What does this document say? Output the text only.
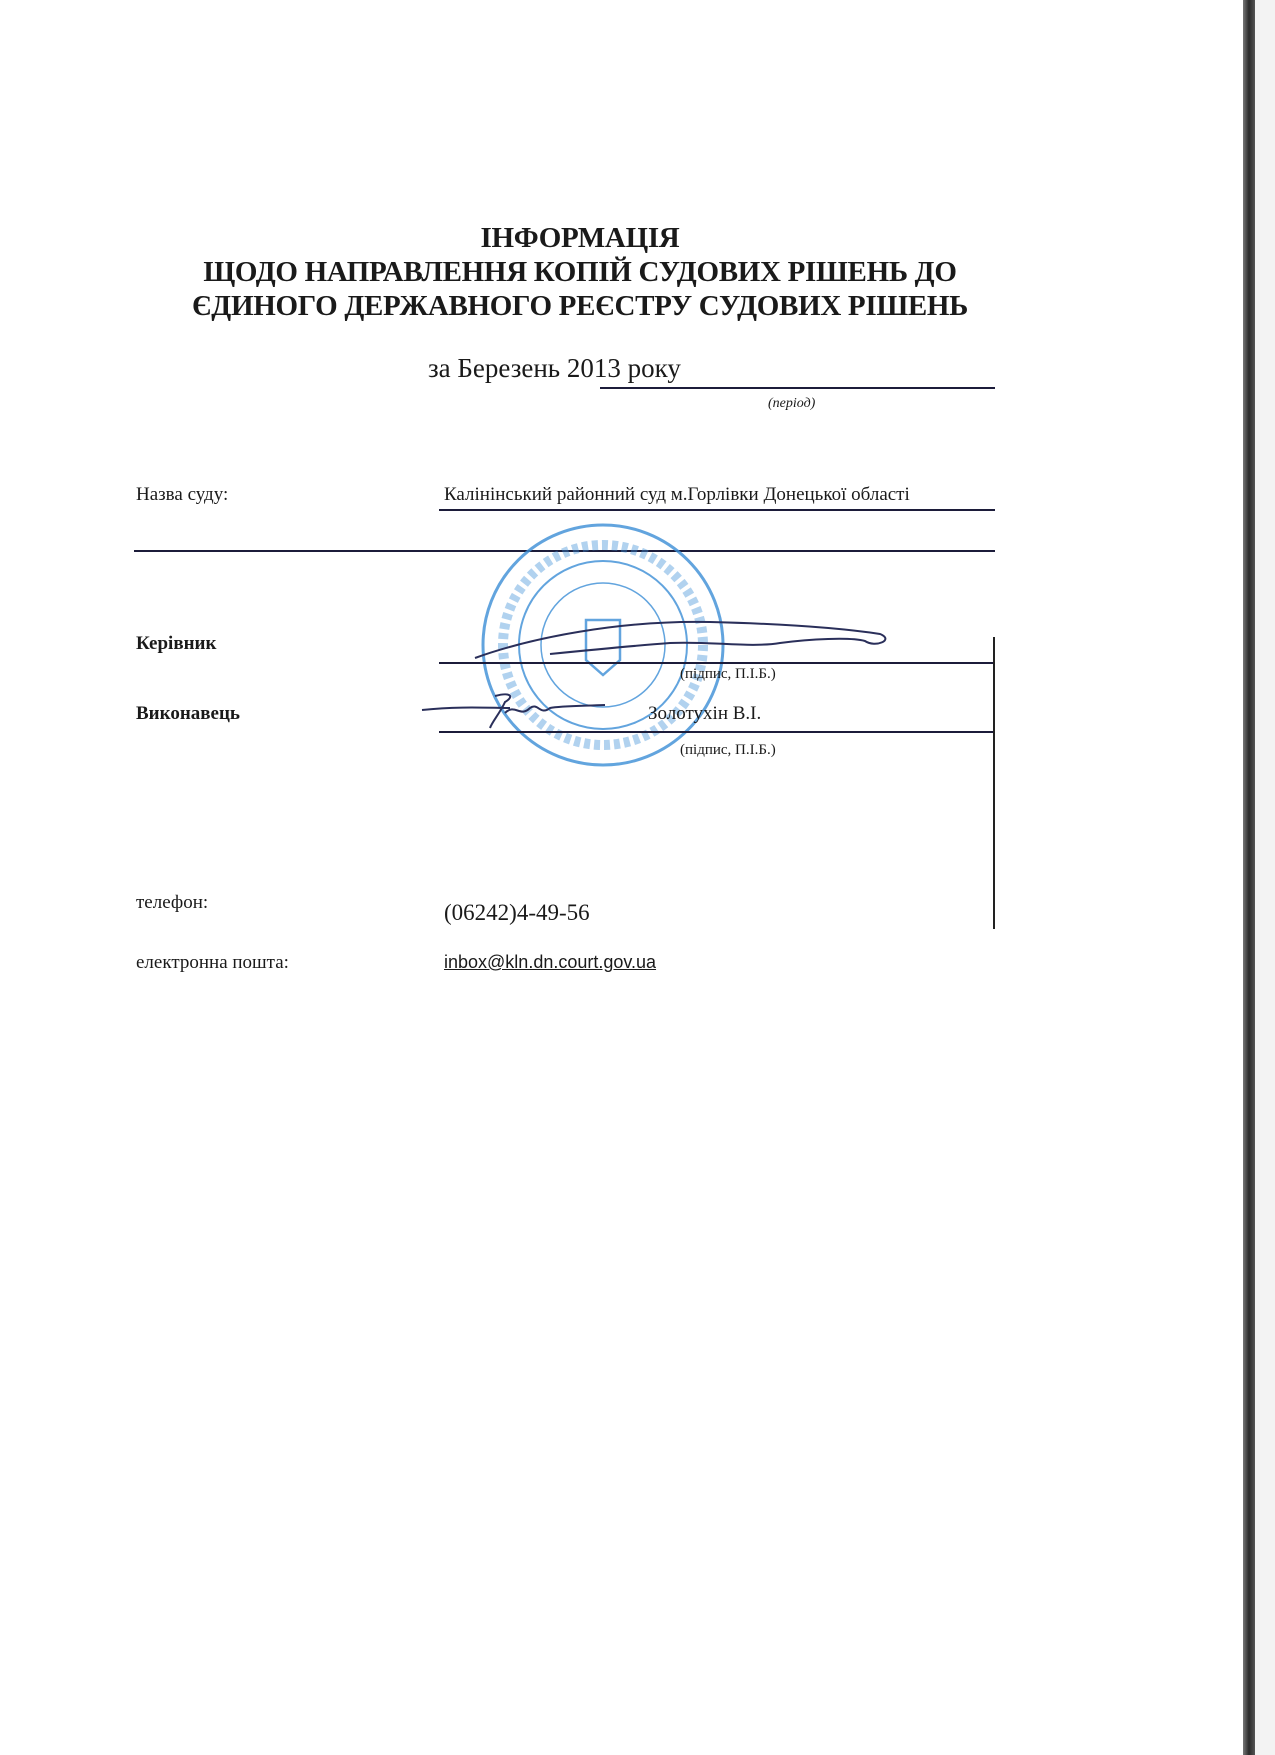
ІНФОРМАЦІЯ
ЩОДО НАПРАВЛЕННЯ КОПІЙ СУДОВИХ РІШЕНЬ ДО
ЄДИНОГО ДЕРЖАВНОГО РЕЄСТРУ СУДОВИХ РІШЕНЬ
за Березень 2013 року
(період)
Назва суду:	Калінінський районний суд м.Горлівки Донецької області
Керівник
(підпис, П.І.Б.)
Виконавець	Золотухін В.І.
(підпис, П.І.Б.)
телефон:	(06242)4-49-56
електронна пошта:	inbox@kln.dn.court.gov.ua
